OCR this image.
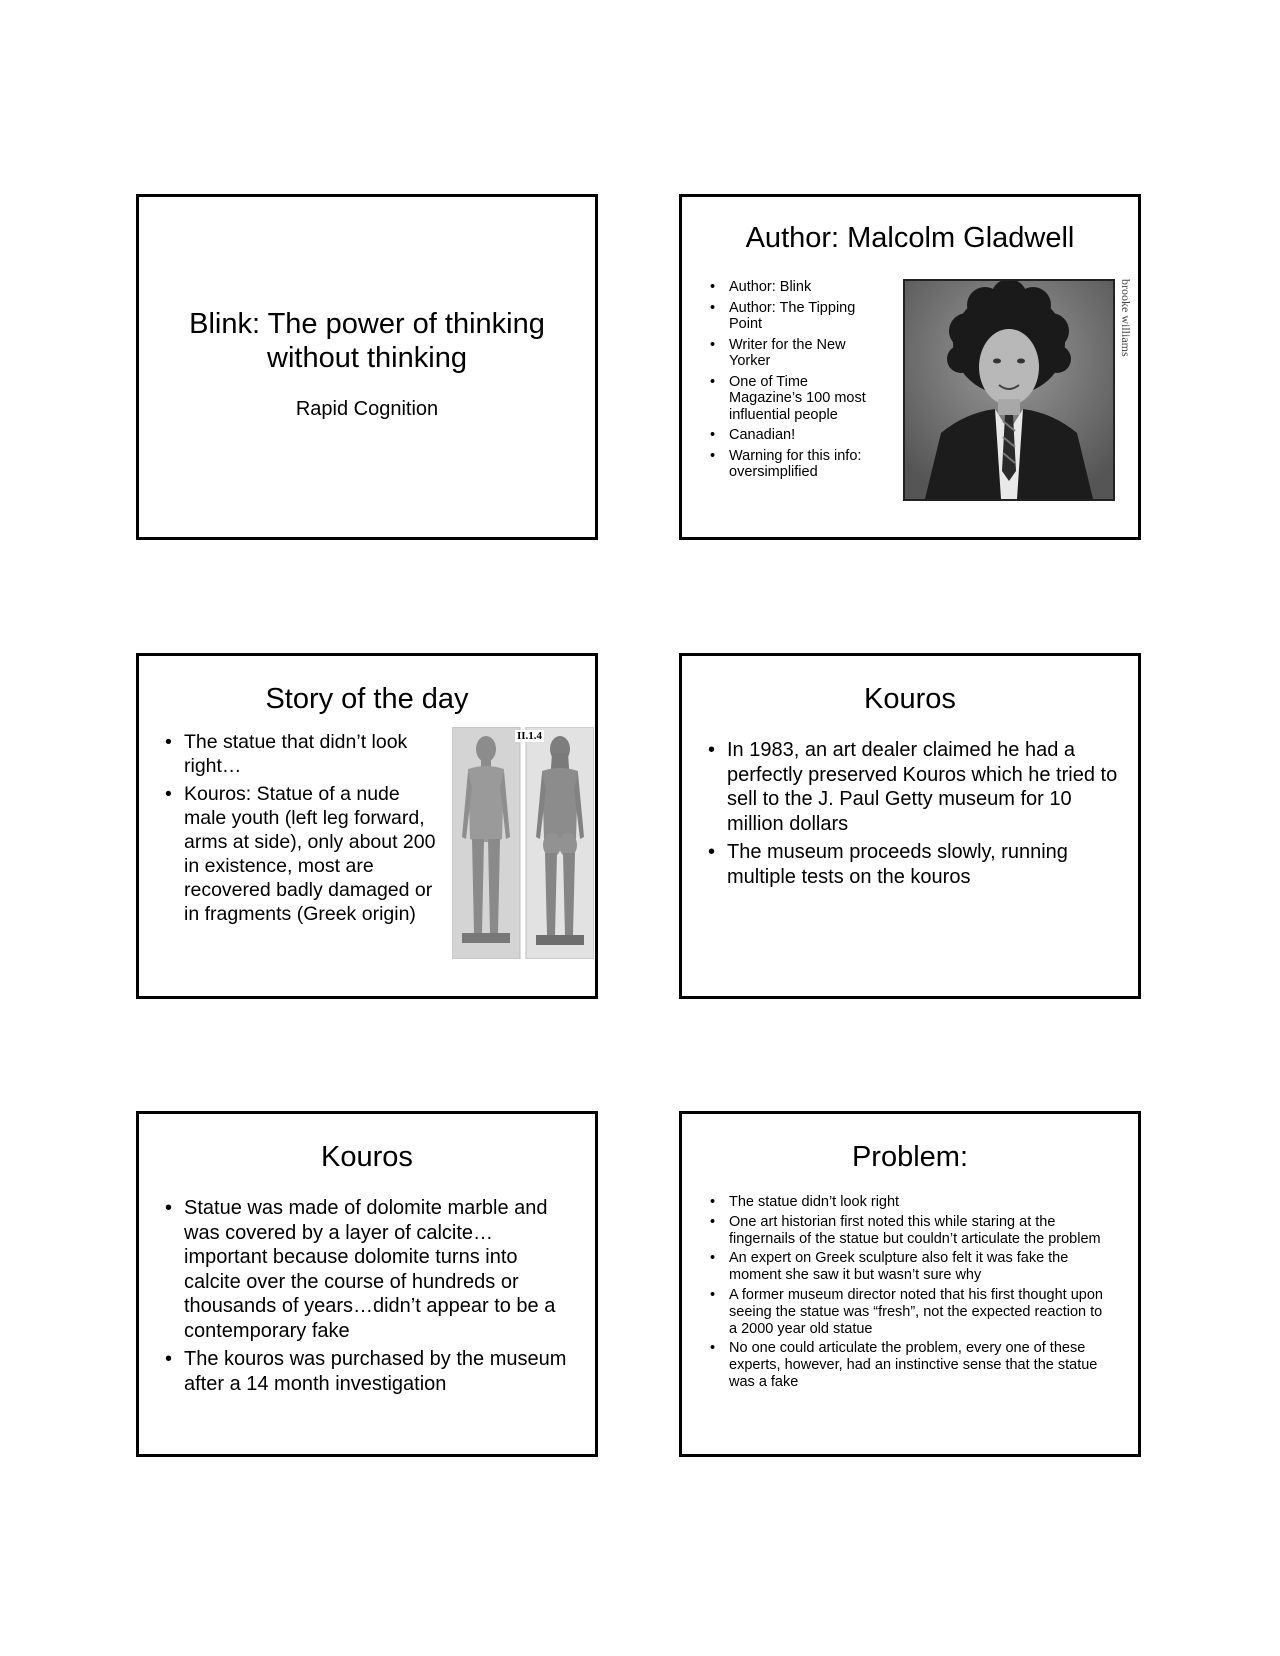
Blink: The power of thinking without thinking
Rapid Cognition
Author: Malcolm Gladwell
• Author: Blink
• Author: The Tipping Point
• Writer for the New Yorker
• One of Time Magazine’s 100 most influential people
• Canadian!
• Warning for this info: oversimplified
brooke williams
Story of the day
• The statue that didn’t look right…
• Kouros: Statue of a nude male youth (left leg forward, arms at side), only about 200 in existence, most are recovered badly damaged or in fragments (Greek origin)
II.1.4
Kouros
• In 1983, an art dealer claimed he had a perfectly preserved Kouros which he tried to sell to the J. Paul Getty museum for 10 million dollars
• The museum proceeds slowly, running multiple tests on the kouros
Kouros
• Statue was made of dolomite marble and was covered by a layer of calcite…important because dolomite turns into calcite over the course of hundreds or thousands of years…didn’t appear to be a contemporary fake
• The kouros was purchased by the museum after a 14 month investigation
Problem:
• The statue didn’t look right
• One art historian first noted this while staring at the fingernails of the statue but couldn’t articulate the problem
• An expert on Greek sculpture also felt it was fake the moment she saw it but wasn’t sure why
• A former museum director noted that his first thought upon seeing the statue was “fresh”, not the expected reaction to a 2000 year old statue
• No one could articulate the problem, every one of these experts, however, had an instinctive sense that the statue was a fake
